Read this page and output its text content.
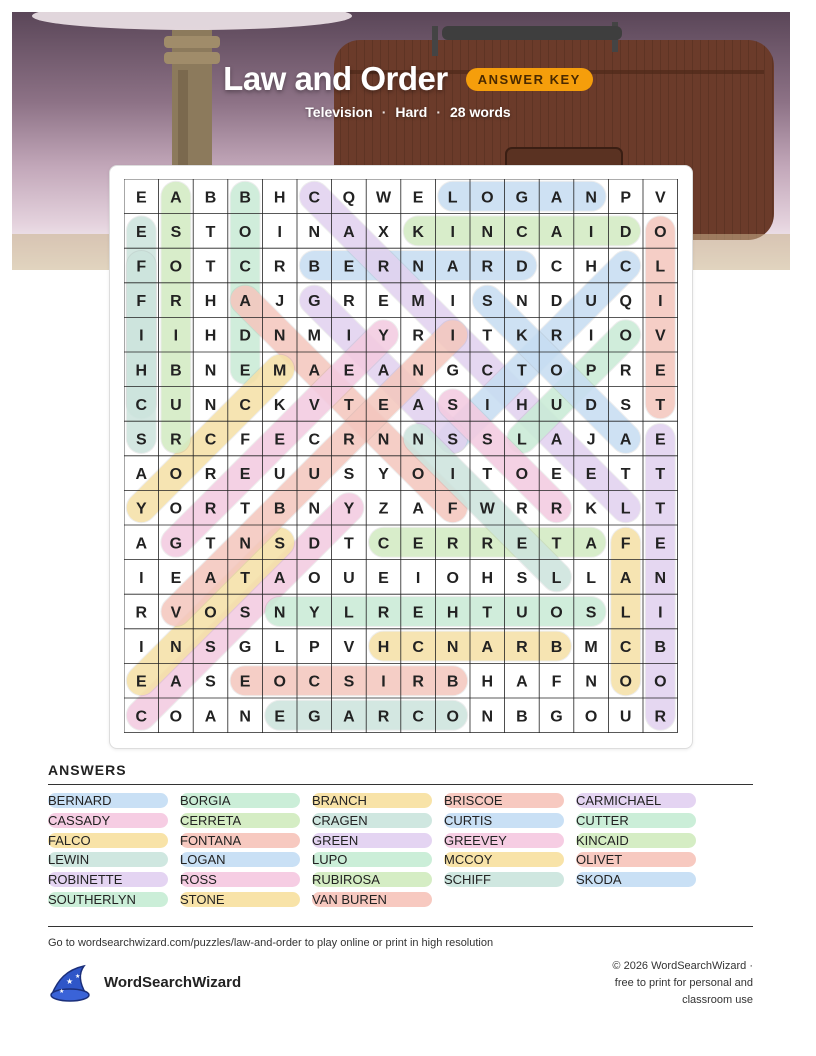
Law and Order	ANSWER KEY
Television · Hard · 28 words
E A B B H C Q W E L O G A N P V
E S T O I N A X K I N C A I D O
F O T C R B E R N A R D C H C L
F R H A J G R E M I S N D U Q I
I I H D N M I Y R I T K R I O V
H B N E M A E A N G C T O P R E
C U N C K V T E A S I H U D S T
S R C F E C R N N S S L A J A E
A O R E U U S Y O I T O E E T T
Y O R T B N Y Z A F W R R K L T
A G T N S D T C E R R E T A F E
I E A T A O U E I O H S L L A N
R V O S N Y L R E H T U O S L I
I N S G L P V H C N A R B M C B
E A S E O C S I R B H A F N O O
C O A N E G A R C O N B G O U R
ANSWERS
BERNARD	BORGIA	BRANCH	BRISCOE	CARMICHAEL
CASSADY	CERRETA	CRAGEN	CURTIS	CUTTER
FALCO	FONTANA	GREEN	GREEVEY	KINCAID
LEWIN	LOGAN	LUPO	MCCOY	OLIVET
ROBINETTE	ROSS	RUBIROSA	SCHIFF	SKODA
SOUTHERLYN	STONE	VAN BUREN
Go to wordsearchwizard.com/puzzles/law-and-order to play online or print in high resolution
★
★
★
WordSearchWizard
© 2026 WordSearchWizard ·
free to print for personal and
classroom use
